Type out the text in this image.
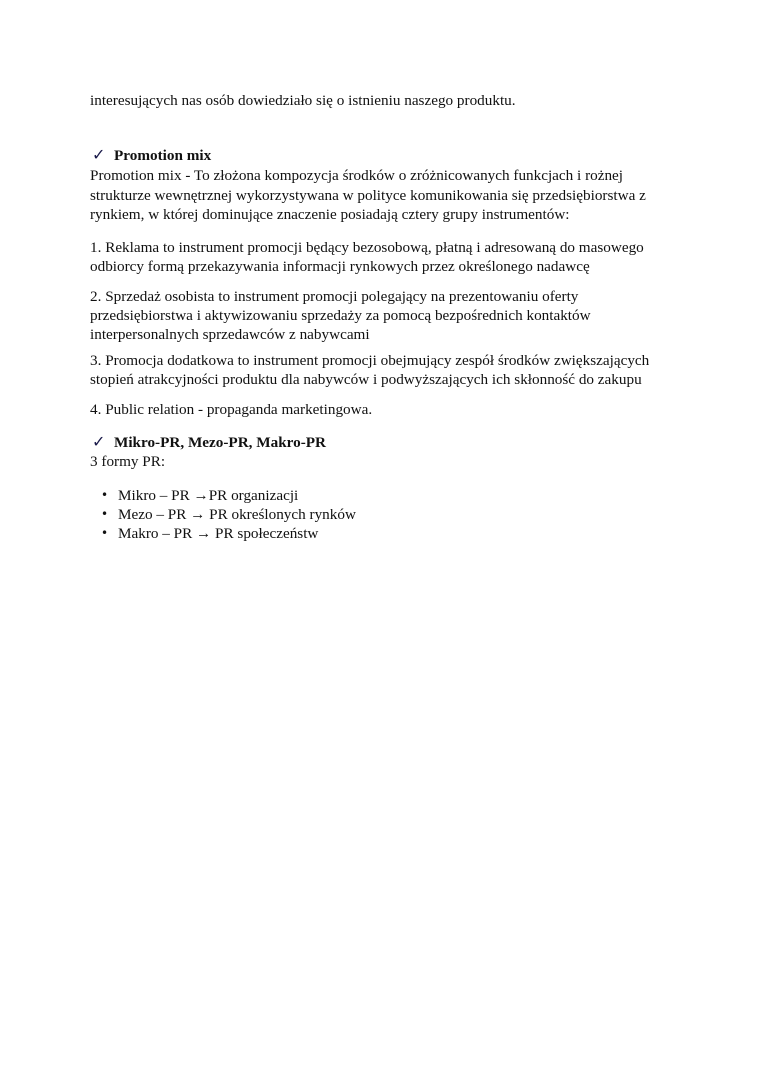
interesujących nas osób dowiedziało się o istnieniu naszego produktu.
✓ Promotion mix
Promotion mix - To złożona kompozycja środków o zróżnicowanych funkcjach i rożnej
strukturze wewnętrznej wykorzystywana w polityce komunikowania się przedsiębiorstwa z
rynkiem, w której dominujące znaczenie posiadają cztery grupy instrumentów:
1. Reklama to instrument promocji będący bezosobową, płatną i adresowaną do masowego
odbiorcy formą przekazywania informacji rynkowych przez określonego nadawcę
2. Sprzedaż osobista to instrument promocji polegający na prezentowaniu oferty
przedsiębiorstwa i aktywizowaniu sprzedaży za pomocą bezpośrednich kontaktów
interpersonalnych sprzedawców z nabywcami
3. Promocja dodatkowa to instrument promocji obejmujący zespół środków zwiększających
stopień atrakcyjności produktu dla nabywców i podwyższających ich skłonność do zakupu
4. Public relation - propaganda marketingowa.
✓ Mikro-PR, Mezo-PR, Makro-PR
3 formy PR:
• Mikro – PR →PR organizacji
• Mezo – PR → PR określonych rynków
• Makro – PR → PR społeczeństw
